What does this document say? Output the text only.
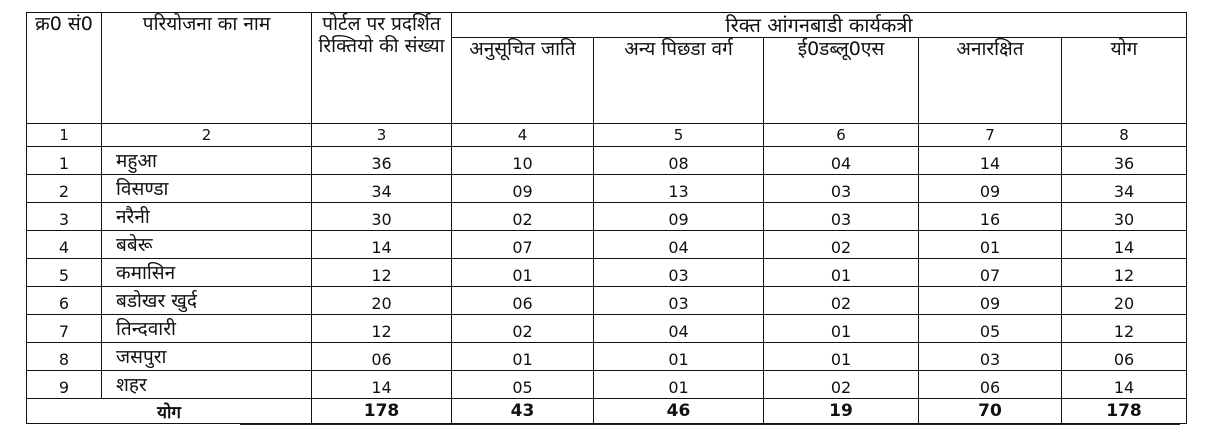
क्र0 सं0	परियोजना का नाम	पोर्टल पर प्रदर्शित रिक्तियो की संख्या	रिक्त आंगनबाडी कार्यकत्री				
			अनुसूचित जाति	अन्य पिछडा वर्ग	ई0डब्लू0एस	अनारक्षित	योग
1	2	3	4	5	6	7	8
1	महुआ	36	10	08	04	14	36
2	विसण्डा	34	09	13	03	09	34
3	नरैनी	30	02	09	03	16	30
4	बबेरू	14	07	04	02	01	14
5	कमासिन	12	01	03	01	07	12
6	बडोखर खुर्द	20	06	03	02	09	20
7	तिन्दवारी	12	02	04	01	05	12
8	जसपुरा	06	01	01	01	03	06
9	शहर	14	05	01	02	06	14
योग		178	43	46	19	70	178
